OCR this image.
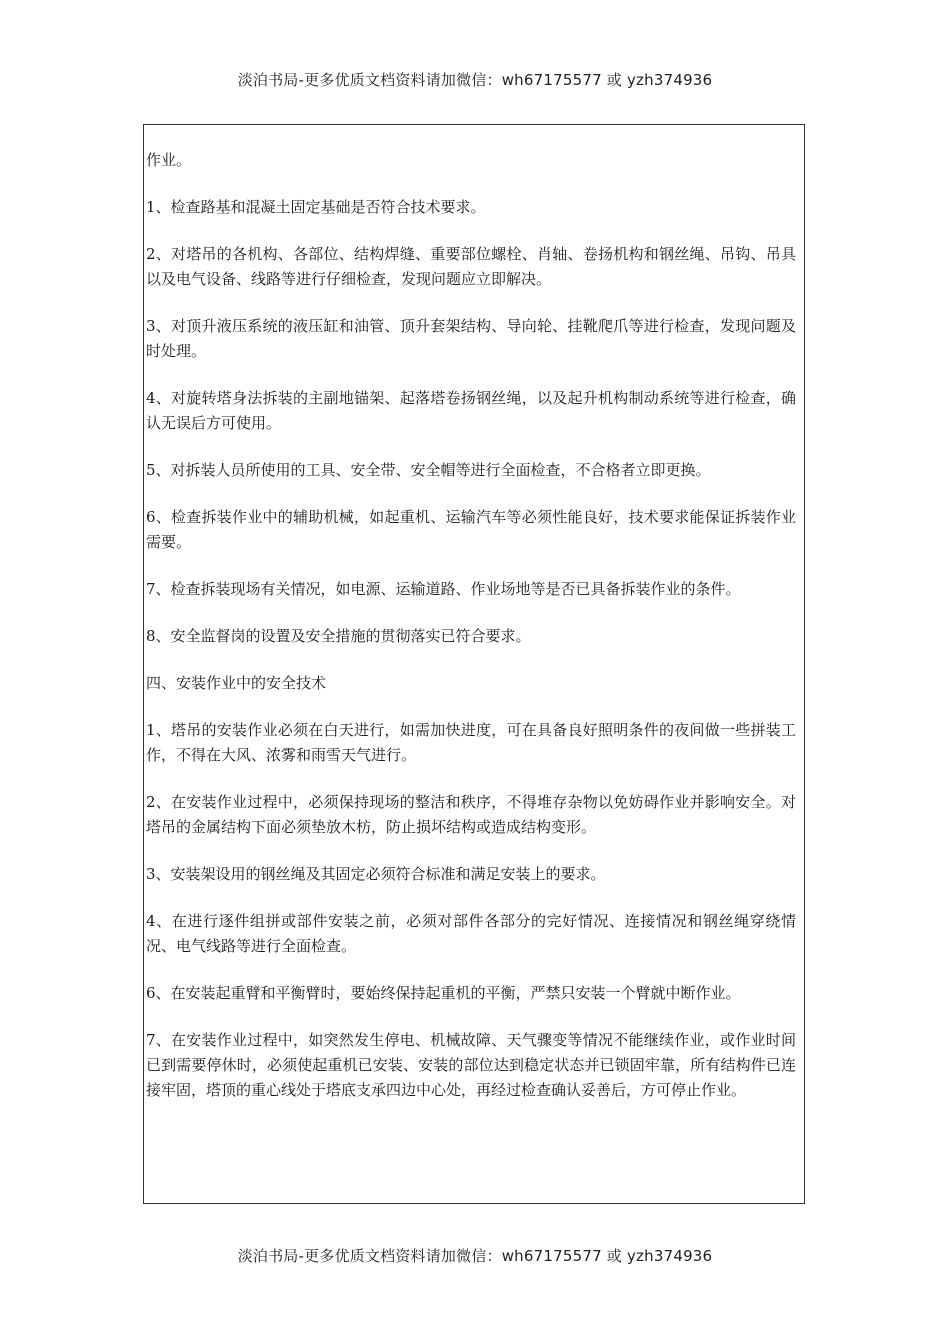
淡泊书局-更多优质文档资料请加微信：wh67175577 或 yzh374936

作业。

1、检查路基和混凝土固定基础是否符合技术要求。

2、对塔吊的各机构、各部位、结构焊缝、重要部位螺栓、肖轴、卷扬机构和钢丝绳、吊钩、吊具以及电气设备、线路等进行仔细检查，发现问题应立即解决。

3、对顶升液压系统的液压缸和油管、顶升套架结构、导向轮、挂靴爬爪等进行检查，发现问题及时处理。

4、对旋转塔身法拆装的主副地锚架、起落塔卷扬钢丝绳，以及起升机构制动系统等进行检查，确认无误后方可使用。

5、对拆装人员所使用的工具、安全带、安全帽等进行全面检查，不合格者立即更换。

6、检查拆装作业中的辅助机械，如起重机、运输汽车等必须性能良好，技术要求能保证拆装作业需要。

7、检查拆装现场有关情况，如电源、运输道路、作业场地等是否已具备拆装作业的条件。

8、安全监督岗的设置及安全措施的贯彻落实已符合要求。

四、安装作业中的安全技术

1、塔吊的安装作业必须在白天进行，如需加快进度，可在具备良好照明条件的夜间做一些拼装工作，不得在大风、浓雾和雨雪天气进行。

2、在安装作业过程中，必须保持现场的整洁和秩序，不得堆存杂物以免妨碍作业并影响安全。对塔吊的金属结构下面必须垫放木枋，防止损坏结构或造成结构变形。

3、安装架设用的钢丝绳及其固定必须符合标准和满足安装上的要求。

4、在进行逐件组拼或部件安装之前，必须对部件各部分的完好情况、连接情况和钢丝绳穿绕情况、电气线路等进行全面检查。

6、在安装起重臂和平衡臂时，要始终保持起重机的平衡，严禁只安装一个臂就中断作业。

7、在安装作业过程中，如突然发生停电、机械故障、天气骤变等情况不能继续作业，或作业时间已到需要停休时，必须使起重机已安装、安装的部位达到稳定状态并已锁固牢靠，所有结构件已连接牢固，塔顶的重心线处于塔底支承四边中心处，再经过检查确认妥善后，方可停止作业。

淡泊书局-更多优质文档资料请加微信：wh67175577 或 yzh374936
